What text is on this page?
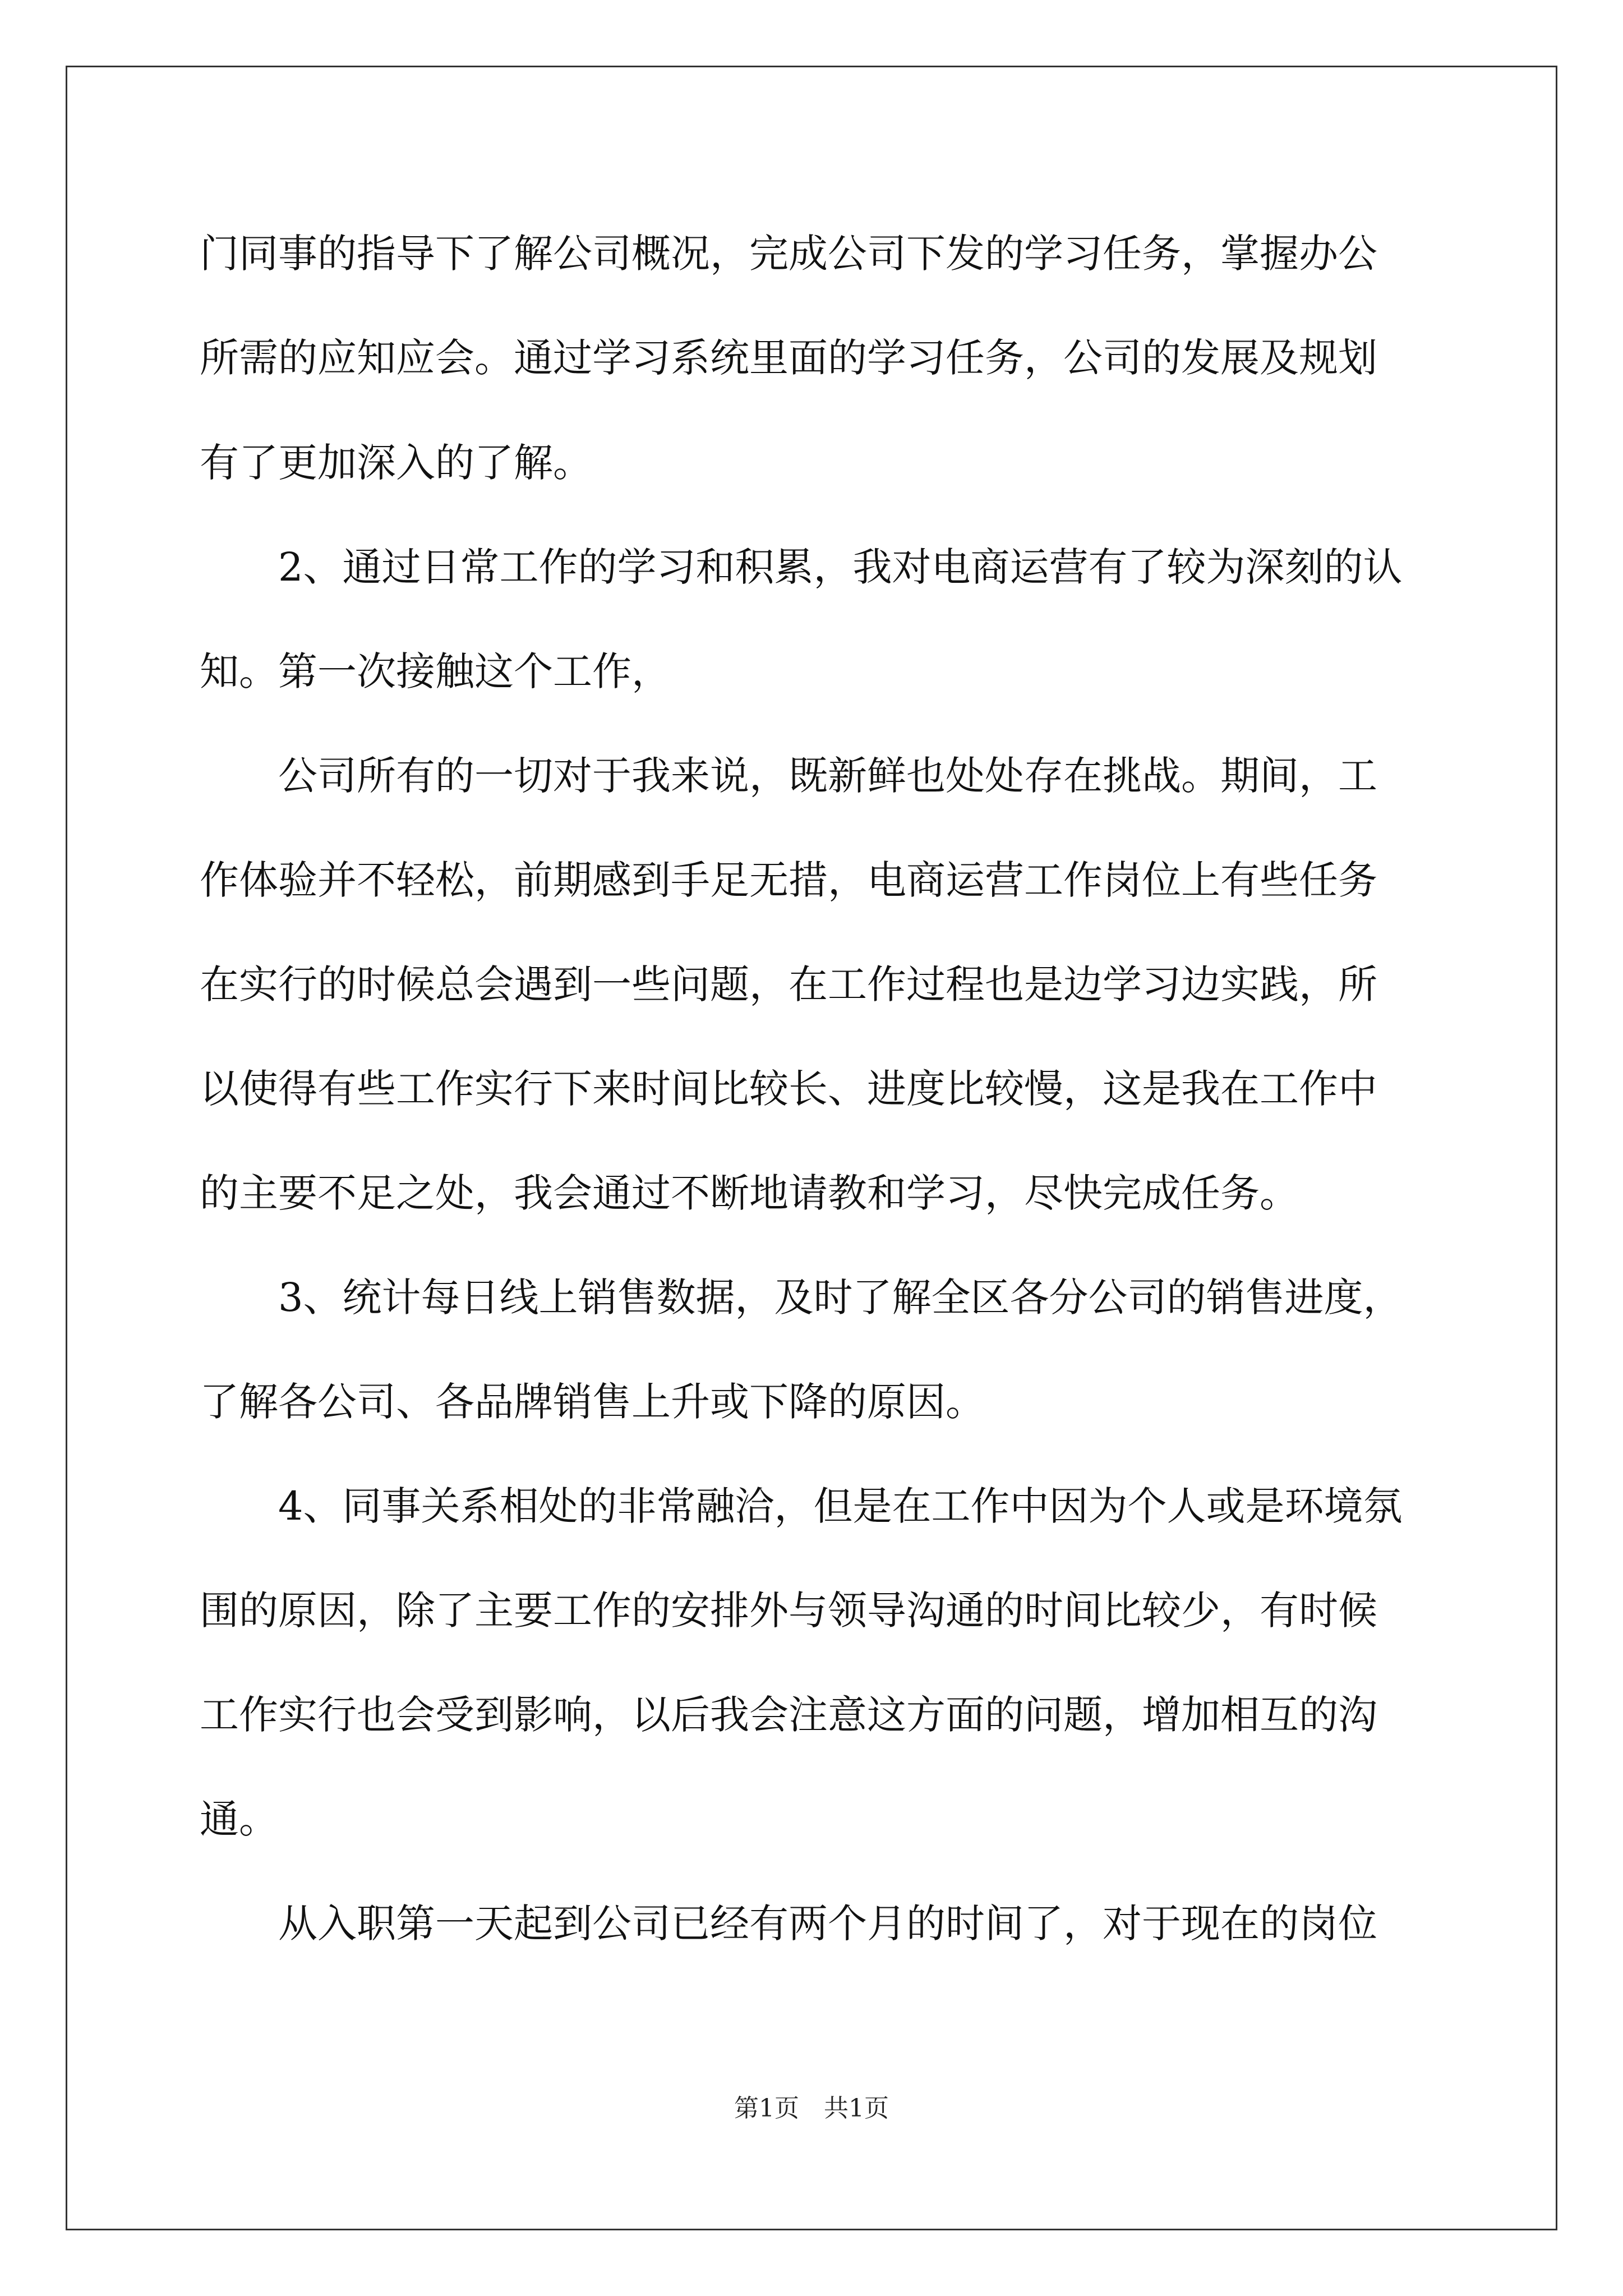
门同事的指导下了解公司概况，完成公司下发的学习任务，掌握办公

所需的应知应会。通过学习系统里面的学习任务，公司的发展及规划

有了更加深入的了解。

　　2、通过日常工作的学习和积累，我对电商运营有了较为深刻的认

知。第一次接触这个工作，

　　公司所有的一切对于我来说，既新鲜也处处存在挑战。期间，工

作体验并不轻松，前期感到手足无措，电商运营工作岗位上有些任务

在实行的时候总会遇到一些问题，在工作过程也是边学习边实践，所

以使得有些工作实行下来时间比较长、进度比较慢，这是我在工作中

的主要不足之处，我会通过不断地请教和学习，尽快完成任务。

　　3、统计每日线上销售数据，及时了解全区各分公司的销售进度，

了解各公司、各品牌销售上升或下降的原因。

　　4、同事关系相处的非常融洽，但是在工作中因为个人或是环境氛

围的原因，除了主要工作的安排外与领导沟通的时间比较少，有时候

工作实行也会受到影响，以后我会注意这方面的问题，增加相互的沟

通。

　　从入职第一天起到公司已经有两个月的时间了，对于现在的岗位

第1页　共1页
